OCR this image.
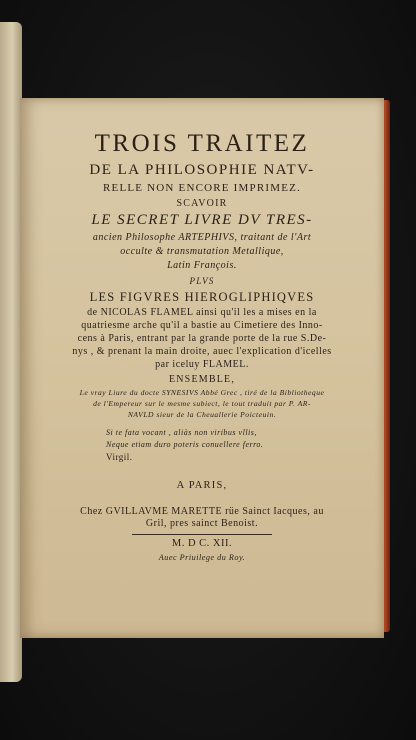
TROIS TRAITEZ
DE LA PHILOSOPHIE NATV-
RELLE NON ENCORE IMPRIMEZ.
SCAVOIR
LE SECRET LIVRE DV TRES-
ancien Philosophe ARTEPHIVS, traitant de l'Art
occulte & transmutation Metallique,
Latin François.
PLVS
LES FIGVRES HIEROGLIPHIQVES
de NICOLAS FLAMEL ainsi qu'il les a mises en la
quatriesme arche qu'il a bastie au Cimetiere des Inno-
cens à Paris, entrant par la grande porte de la rue S.De-
nys , & prenant la main droite, auec l'explication d'icelles
par iceluy FLAMEL.
ENSEMBLE,
Le vray Liure du docte SYNESIVS Abbé Grec , tiré de la Bibliotheque
de l'Empereur sur le mesme subiect, le tout traduit par P. AR-
NAVLD sieur de la Cheuallerie Poicteuin.
Si te fata vocant , aliàs non viribus vllis,
Neque etiam duro poteris conuellere ferro.
Virgil.
A PARIS,
Chez GVILLAVME MARETTE rüe Sainct Iacques, au
Gril, pres sainct Benoist.
M. D C. XII.
Auec Priuilege du Roy.
